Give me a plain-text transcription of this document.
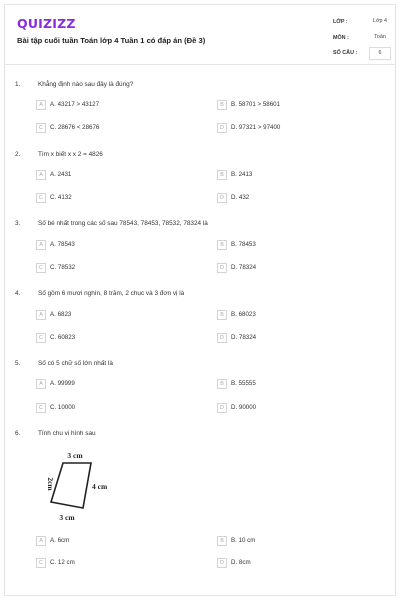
QUIZIZZ
Bài tập cuối tuần Toán lớp 4 Tuần 1 có đáp án (Đề 3)
LỚP :	Lớp 4
MÔN :	Toán
SỐ CÂU :	6
1.	Khẳng định nào sau đây là đúng?
A	A. 43217 > 43127	B	B. 58701 > 58601
C	C. 28676 < 28676	D	D. 97321 > 97400
2.	Tìm x biết x x 2 = 4826
A	A. 2431	B	B. 2413
C	C. 4132	D	D. 432
3.	Số bé nhất trong các số sau 78543, 78453, 78532, 78324 là
A	A. 78543	B	B. 78453
C	C. 78532	D	D. 78324
4.	Số gồm 6 mươi nghìn, 8 trăm, 2 chục và 3 đơn vị là
A	A. 6823	B	B. 68023
C	C. 60823	D	D. 78324
5.	Số có 5 chữ số lớn nhất là
A	A. 99999	B	B. 55555
C	C. 10000	D	D. 90000
6.	Tính chu vi hình sau
3 cm
2cm	4 cm
3 cm
A	A. 6cm	B	B. 10 cm
C	C. 12 cm	D	D. 8cm
